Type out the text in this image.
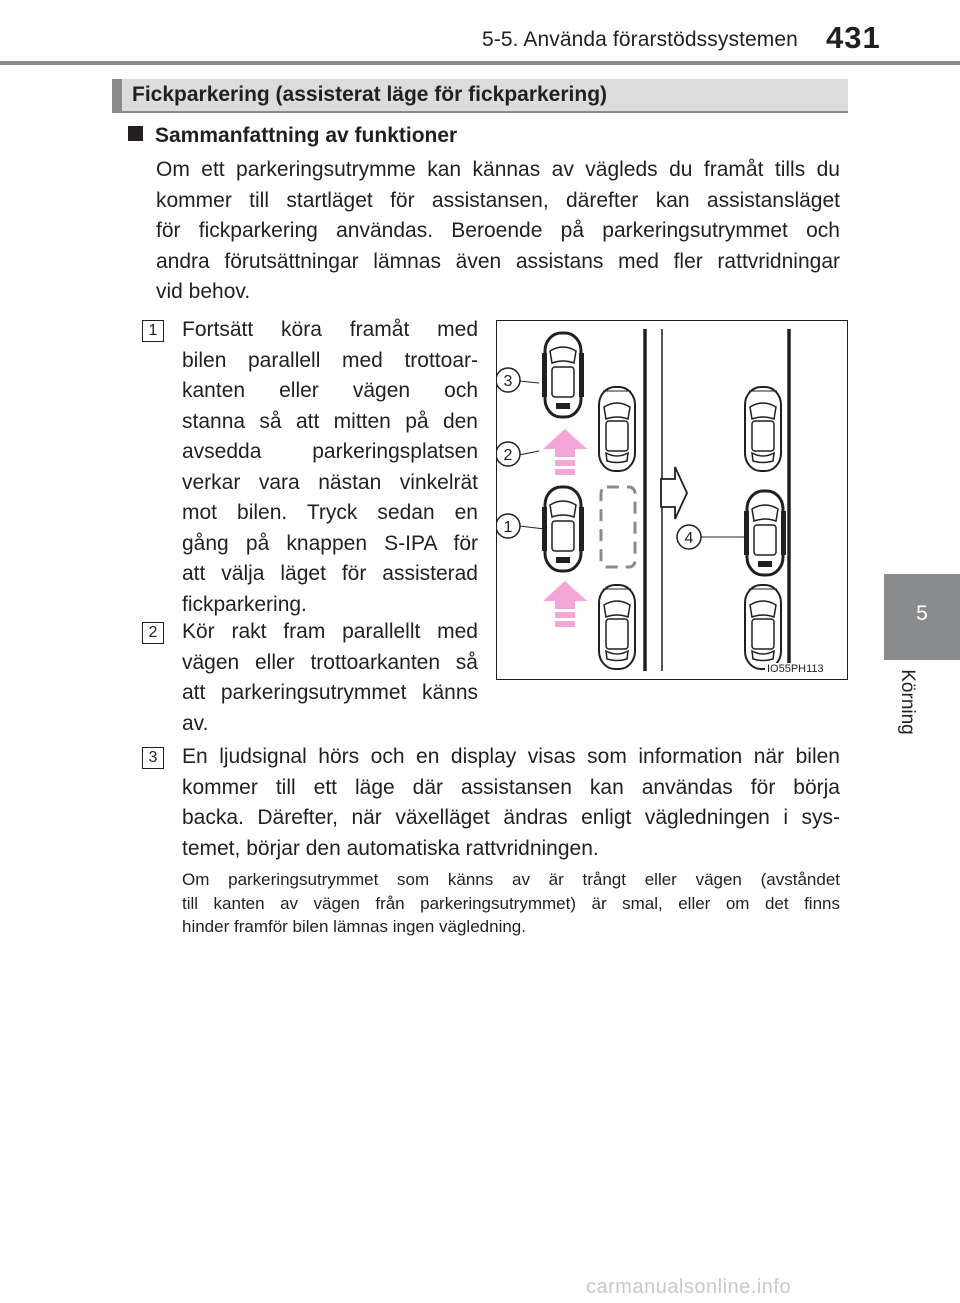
5-5. Använda förarstödssystemen 431
5
Körning
Fickparkering (assisterat läge för fickparkering)
Sammanfattning av funktioner
Om ett parkeringsutrymme kan kännas av vägleds du framåt tills du
kommer till startläget för assistansen, därefter kan assistansläget
för fickparkering användas. Beroende på parkeringsutrymmet och
andra förutsättningar lämnas även assistans med fler rattvridningar
vid behov.
1	Fortsätt köra framåt med
bilen parallell med trottoar-
kanten eller vägen och
stanna så att mitten på den
avsedda parkeringsplatsen
verkar vara nästan vinkelrät
mot bilen. Tryck sedan en
gång på knappen S-IPA för
att välja läget för assisterad
fickparkering.
2	Kör rakt fram parallellt med
vägen eller trottoarkanten så
att parkeringsutrymmet känns
av.
3	En ljudsignal hörs och en display visas som information när bilen
kommer till ett läge där assistansen kan användas för börja
backa. Därefter, när växelläget ändras enligt vägledningen i sys-
temet, börjar den automatiska rattvridningen.
Om parkeringsutrymmet som känns av är trångt eller vägen (avståndet
till kanten av vägen från parkeringsutrymmet) är smal, eller om det finns
hinder framför bilen lämnas ingen vägledning.
3
2
1
4
IO55PH113
carmanualsonline.info
